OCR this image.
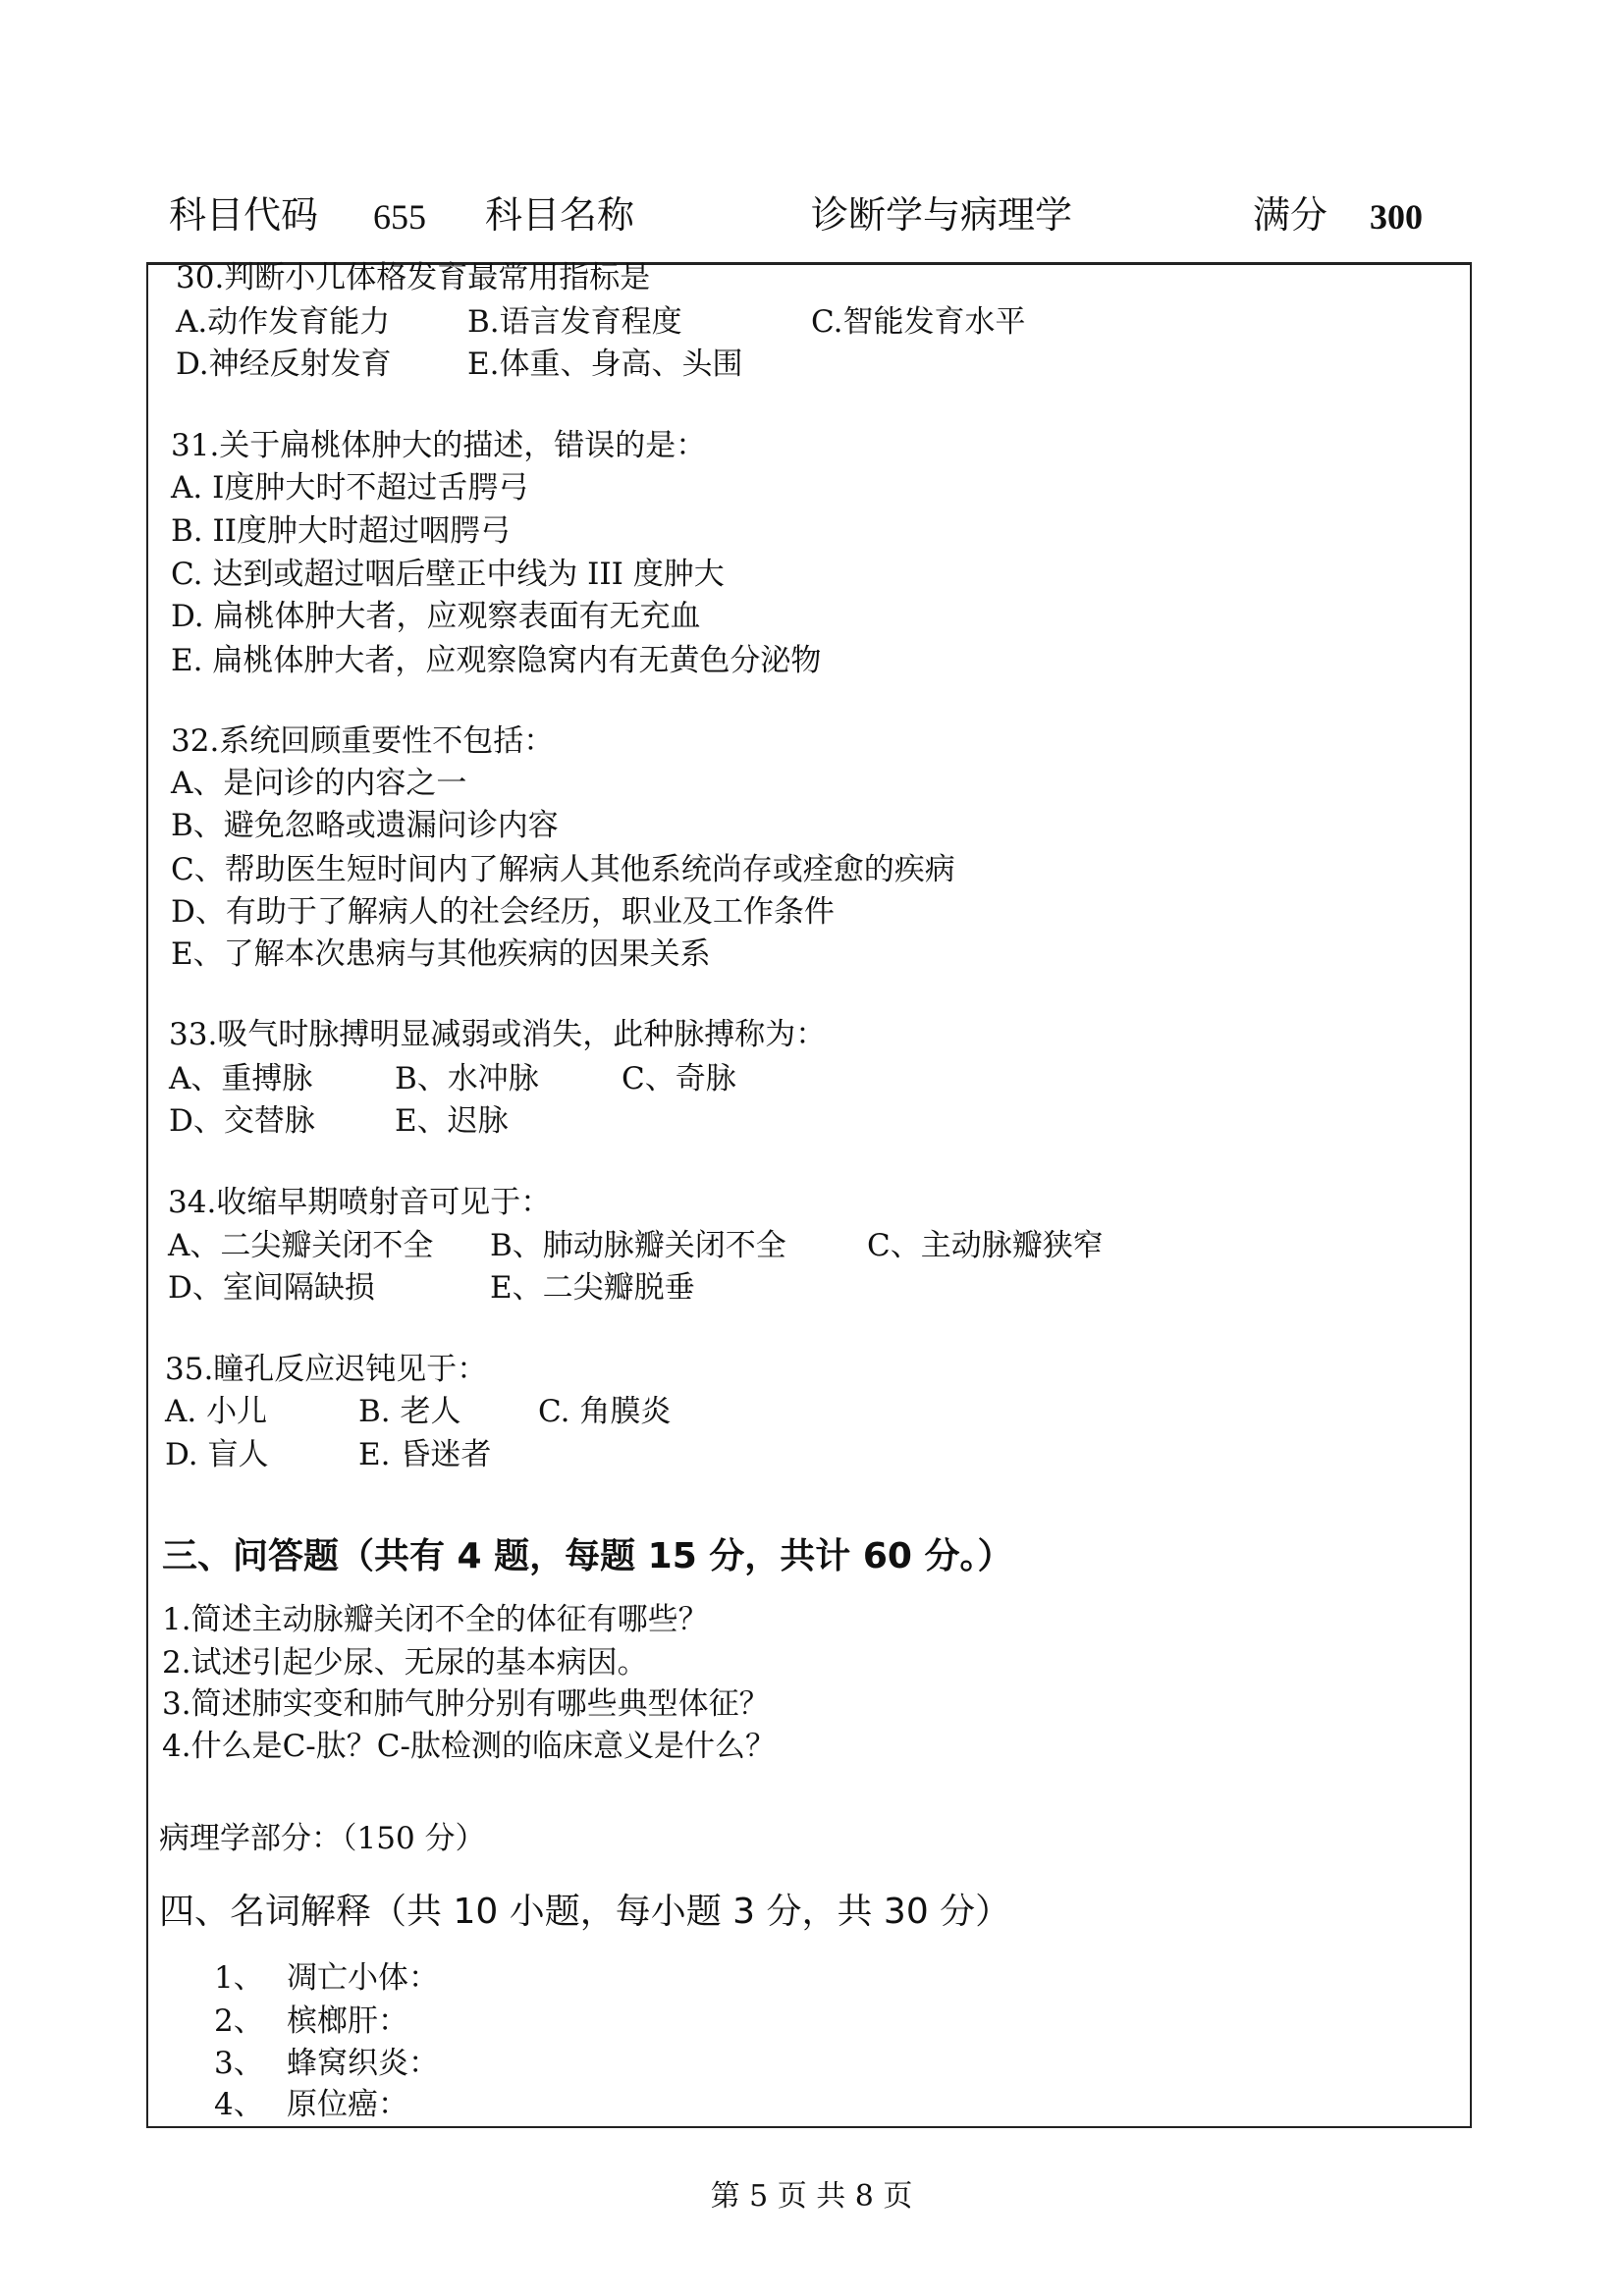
科目代码 655 科目名称	诊断学与病理学	满分 300
30.判断小儿体格发育最常用指标是
A.动作发育能力	B.语言发育程度	C.智能发育水平
D.神经反射发育 E.体重、身高、头围
31.关于扁桃体肿大的描述，错误的是：
A. I度肿大时不超过舌腭弓
B. II度肿大时超过咽腭弓
C. 达到或超过咽后壁正中线为 III 度肿大
D. 扁桃体肿大者，应观察表面有无充血
E. 扁桃体肿大者，应观察隐窝内有无黄色分泌物
32.系统回顾重要性不包括：
A、是问诊的内容之一
B、避免忽略或遗漏问诊内容
C、帮助医生短时间内了解病人其他系统尚存或痊愈的疾病
D、有助于了解病人的社会经历，职业及工作条件
E、了解本次患病与其他疾病的因果关系
33.吸气时脉搏明显减弱或消失，此种脉搏称为：
A、重搏脉	B、水冲脉	C、奇脉
D、交替脉	E、迟脉
34.收缩早期喷射音可见于：
A、二尖瓣关闭不全 B、肺动脉瓣关闭不全	C、主动脉瓣狭窄
D、室间隔缺损	E、二尖瓣脱垂
35.瞳孔反应迟钝见于：
A. 小儿	B. 老人	C. 角膜炎
D. 盲人	E. 昏迷者
三、问答题（共有 4 题，每题 15 分，共计 60 分。）
1.简述主动脉瓣关闭不全的体征有哪些？
2.试述引起少尿、无尿的基本病因。
3.简述肺实变和肺气肿分别有哪些典型体征？
4.什么是C-肽？C-肽检测的临床意义是什么？
病理学部分：（150 分）
四、名词解释（共 10 小题，每小题 3 分，共 30 分）
1、 凋亡小体：
2、 槟榔肝：
3、 蜂窝织炎：
4、 原位癌：
第 5 页 共 8 页
